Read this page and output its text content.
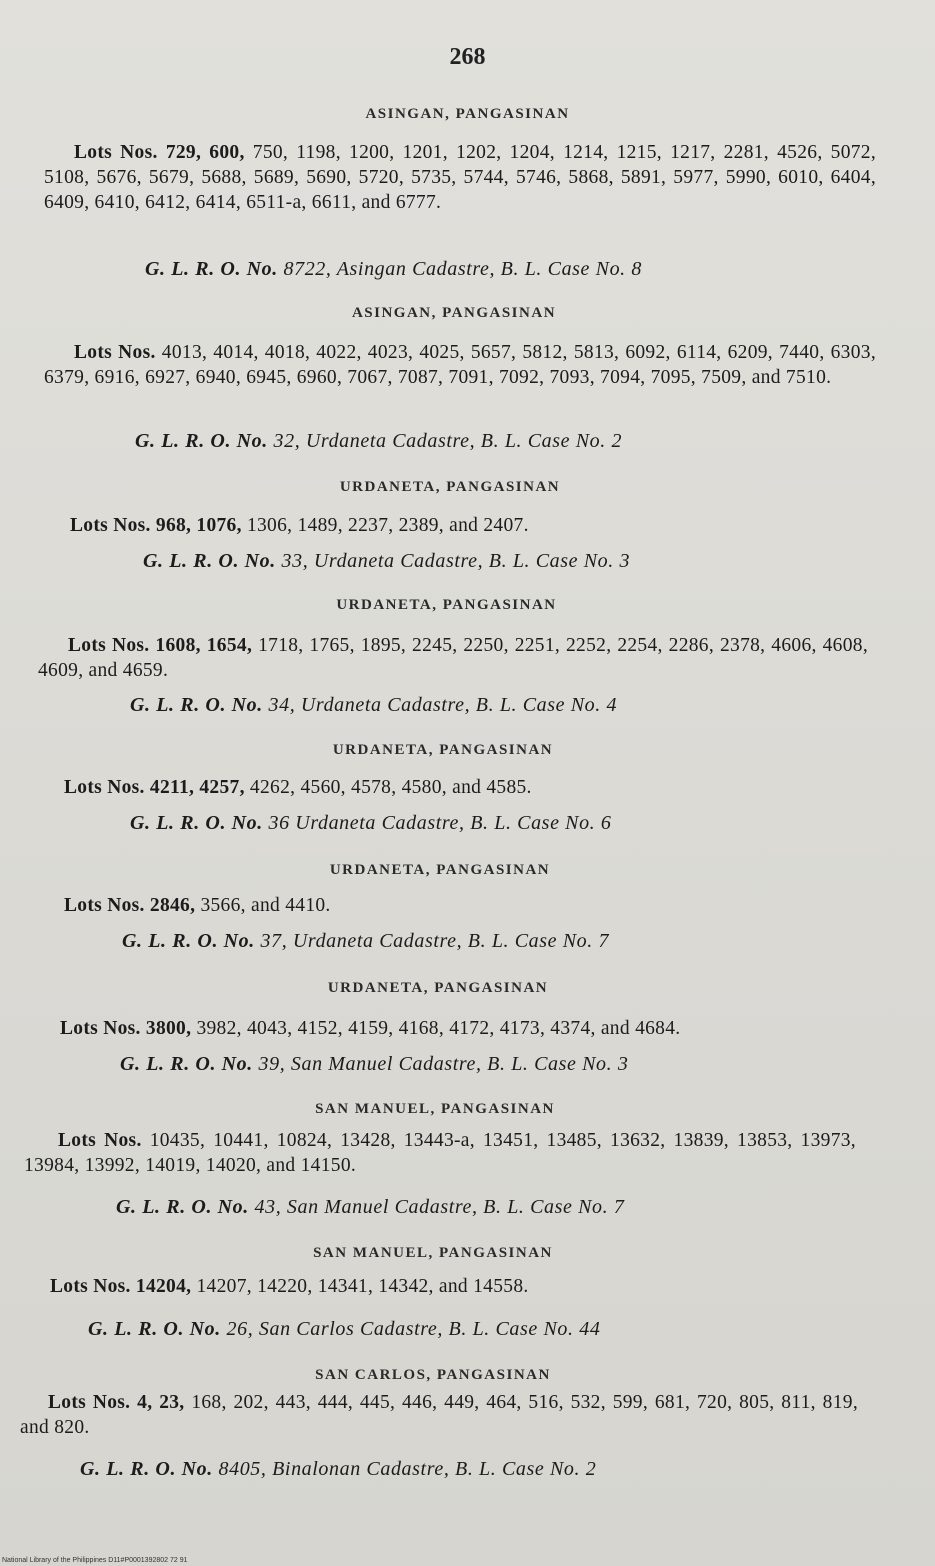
268

ASINGAN, PANGASINAN

Lots Nos. 729, 600, 750, 1198, 1200, 1201, 1202, 1204, 1214, 1215, 1217, 2281, 4526, 5072, 5108, 5676, 5679, 5688, 5689, 5690, 5720, 5735, 5744, 5746, 5868, 5891, 5977, 5990, 6010, 6404, 6409, 6410, 6412, 6414, 6511-a, 6611, and 6777.

G. L. R. O. No. 8722, Asingan Cadastre, B. L. Case No. 8

ASINGAN, PANGASINAN

Lots Nos. 4013, 4014, 4018, 4022, 4023, 4025, 5657, 5812, 5813, 6092, 6114, 6209, 7440, 6303, 6379, 6916, 6927, 6940, 6945, 6960, 7067, 7087, 7091, 7092, 7093, 7094, 7095, 7509, and 7510.

G. L. R. O. No. 32, Urdaneta Cadastre, B. L. Case No. 2

URDANETA, PANGASINAN

Lots Nos. 968, 1076, 1306, 1489, 2237, 2389, and 2407.

G. L. R. O. No. 33, Urdaneta Cadastre, B. L. Case No. 3

URDANETA, PANGASINAN

Lots Nos. 1608, 1654, 1718, 1765, 1895, 2245, 2250, 2251, 2252, 2254, 2286, 2378, 4606, 4608, 4609, and 4659.

G. L. R. O. No. 34, Urdaneta Cadastre, B. L. Case No. 4

URDANETA, PANGASINAN

Lots Nos. 4211, 4257, 4262, 4560, 4578, 4580, and 4585.

G. L. R. O. No. 36 Urdaneta Cadastre, B. L. Case No. 6

URDANETA, PANGASINAN

Lots Nos. 2846, 3566, and 4410.

G. L. R. O. No. 37, Urdaneta Cadastre, B. L. Case No. 7

URDANETA, PANGASINAN

Lots Nos. 3800, 3982, 4043, 4152, 4159, 4168, 4172, 4173, 4374, and 4684.

G. L. R. O. No. 39, San Manuel Cadastre, B. L. Case No. 3

SAN MANUEL, PANGASINAN

Lots Nos. 10435, 10441, 10824, 13428, 13443-a, 13451, 13485, 13632, 13839, 13853, 13973, 13984, 13992, 14019, 14020, and 14150.

G. L. R. O. No. 43, San Manuel Cadastre, B. L. Case No. 7

SAN MANUEL, PANGASINAN

Lots Nos. 14204, 14207, 14220, 14341, 14342, and 14558.

G. L. R. O. No. 26, San Carlos Cadastre, B. L. Case No. 44

SAN CARLOS, PANGASINAN

Lots Nos. 4, 23, 168, 202, 443, 444, 445, 446, 449, 464, 516, 532, 599, 681, 720, 805, 811, 819, and 820.

G. L. R. O. No. 8405, Binalonan Cadastre, B. L. Case No. 2

National Library of the Philippines D11#P0001392802 72 91
